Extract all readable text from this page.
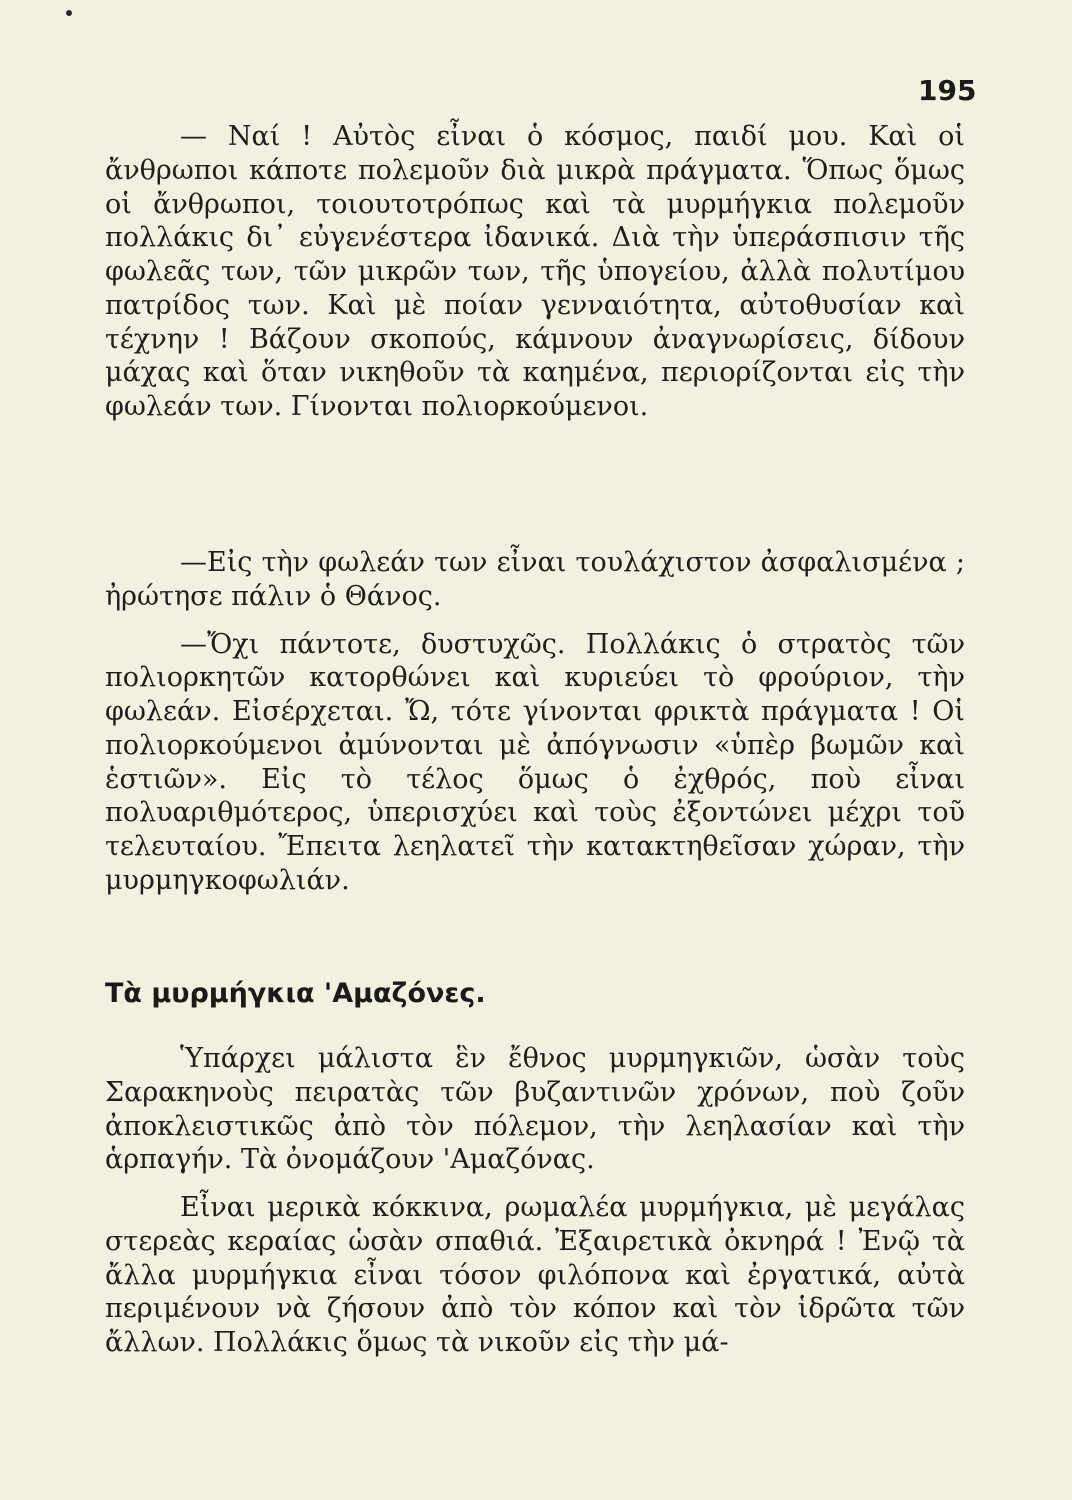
195

— Ναί ! Αὐτὸς εἶναι ὁ κόσμος, παιδί μου. Καὶ οἱ ἄνθρωποι κάποτε πολεμοῦν διὰ μικρὰ πράγματα. Ὅπως ὅμως οἱ ἄνθρωποι, τοιουτοτρόπως καὶ τὰ μυρμήγκια πολεμοῦν πολλάκις δι᾽ εὐγενέστερα ἰδανικά. Διὰ τὴν ὑπεράσπισιν τῆς φωλεᾶς των, τῶν μικρῶν των, τῆς ὑπογείου, ἀλλὰ πολυτίμου πατρίδος των. Καὶ μὲ ποίαν γενναιότητα, αὐτοθυσίαν καὶ τέχνην ! Βάζουν σκοπούς, κάμνουν ἀναγνωρίσεις, δίδουν μάχας καὶ ὅταν νικηθοῦν τὰ καημένα, περιορίζονται εἰς τὴν φωλεάν των. Γίνονται πολιορκούμενοι.

—Εἰς τὴν φωλεάν των εἶναι τουλάχιστον ἀσφαλισμένα ; ἠρώτησε πάλιν ὁ Θάνος.

—Ὄχι πάντοτε, δυστυχῶς. Πολλάκις ὁ στρατὸς τῶν πολιορκητῶν κατορθώνει καὶ κυριεύει τὸ φρούριον, τὴν φωλεάν. Εἰσέρχεται. Ὤ, τότε γίνονται φρικτὰ πράγματα ! Οἱ πολιορκούμενοι ἀμύνονται μὲ ἀπόγνωσιν «ὑπὲρ βωμῶν καὶ ἑστιῶν». Εἰς τὸ τέλος ὅμως ὁ ἐχθρός, ποὺ εἶναι πολυαριθμότερος, ὑπερισχύει καὶ τοὺς ἐξοντώνει μέχρι τοῦ τελευταίου. Ἔπειτα λεηλατεῖ τὴν κατακτηθεῖσαν χώραν, τὴν μυρμηγκοφωλιάν.

Τὰ μυρμήγκια 'Αμαζόνες.

Ὑπάρχει μάλιστα ἓν ἔθνος μυρμηγκιῶν, ὡσὰν τοὺς Σαρακηνοὺς πειρατὰς τῶν βυζαντινῶν χρόνων, ποὺ ζοῦν ἀποκλειστικῶς ἀπὸ τὸν πόλεμον, τὴν λεηλασίαν καὶ τὴν ἁρπαγήν. Τὰ ὀνομάζουν 'Αμαζόνας.

Εἶναι μερικὰ κόκκινα, ρωμαλέα μυρμήγκια, μὲ μεγάλας στερεὰς κεραίας ὡσὰν σπαθιά. Ἐξαιρετικὰ ὀκνηρά ! Ἐνῷ τὰ ἄλλα μυρμήγκια εἶναι τόσον φιλόπονα καὶ ἐργατικά, αὐτὰ περιμένουν νὰ ζήσουν ἀπὸ τὸν κόπον καὶ τὸν ἱδρῶτα τῶν ἄλλων. Πολλάκις ὅμως τὰ νικοῦν εἰς τὴν μά-
